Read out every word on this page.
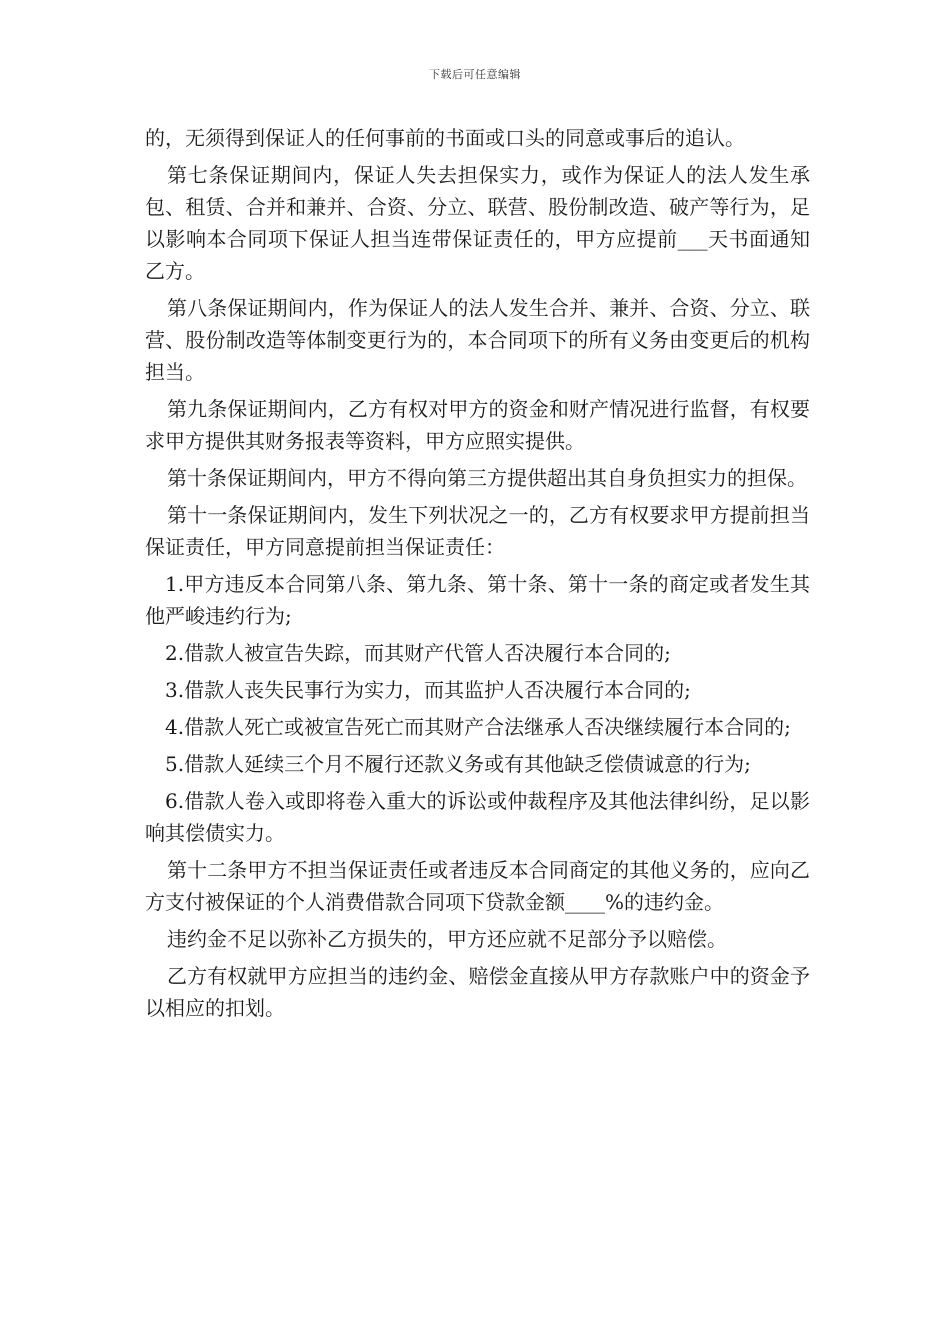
下载后可任意编辑

的，无须得到保证人的任何事前的书面或口头的同意或事后的追认。

第七条保证期间内，保证人失去担保实力，或作为保证人的法人发生承包、租赁、合并和兼并、合资、分立、联营、股份制改造、破产等行为，足以影响本合同项下保证人担当连带保证责任的，甲方应提前___天书面通知乙方。

第八条保证期间内，作为保证人的法人发生合并、兼并、合资、分立、联营、股份制改造等体制变更行为的，本合同项下的所有义务由变更后的机构担当。

第九条保证期间内，乙方有权对甲方的资金和财产情况进行监督，有权要求甲方提供其财务报表等资料，甲方应照实提供。

第十条保证期间内，甲方不得向第三方提供超出其自身负担实力的担保。

第十一条保证期间内，发生下列状况之一的，乙方有权要求甲方提前担当保证责任，甲方同意提前担当保证责任：

1.甲方违反本合同第八条、第九条、第十条、第十一条的商定或者发生其他严峻违约行为;

2.借款人被宣告失踪，而其财产代管人否决履行本合同的;

3.借款人丧失民事行为实力，而其监护人否决履行本合同的;

4.借款人死亡或被宣告死亡而其财产合法继承人否决继续履行本合同的;

5.借款人延续三个月不履行还款义务或有其他缺乏偿债诚意的行为;

6.借款人卷入或即将卷入重大的诉讼或仲裁程序及其他法律纠纷，足以影响其偿债实力。

第十二条甲方不担当保证责任或者违反本合同商定的其他义务的，应向乙方支付被保证的个人消费借款合同项下贷款金额____%的违约金。

违约金不足以弥补乙方损失的，甲方还应就不足部分予以赔偿。

乙方有权就甲方应担当的违约金、赔偿金直接从甲方存款账户中的资金予以相应的扣划。
